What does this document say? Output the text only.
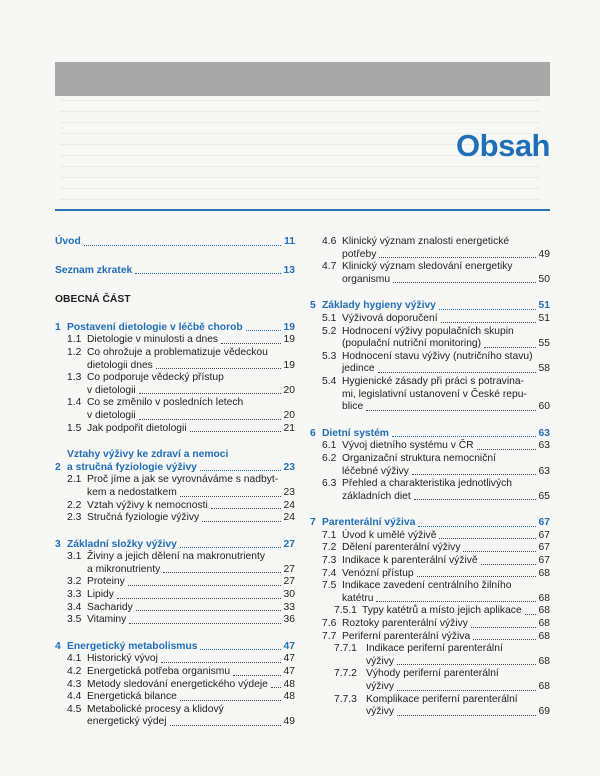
Obsah
Úvod	11
Seznam zkratek	13
OBECNÁ ČÁST
1 Postavení dietologie v léčbě chorob	19
1.1 Dietologie v minulosti a dnes	19
1.2 Co ohrožuje a problematizuje vědeckou
dietologii dnes	19
1.3 Co podporuje vědecký přístup
v dietologii	20
1.4 Co se změnilo v posledních letech
v dietologii	20
1.5 Jak podpořit dietologii	21
2
Vztahy výživy ke zdraví a nemoci
a stručná fyziologie výživy	23
2.1 Proč jíme a jak se vyrovnáváme s nadbyt-
kem a nedostatkem	23
2.2 Vztah výživy k nemocnosti	24
2.3 Stručná fyziologie výživy	24
3 Základní složky výživy	27
3.1 Živiny a jejich dělení na makronutrienty
a mikronutrienty	27
3.2 Proteiny	27
3.3 Lipidy	30
3.4 Sacharidy	33
3.5 Vitaminy	36
4 Energetický metabolismus	47
4.1 Historický vývoj	47
4.2 Energetická potřeba organismu	47
4.3 Metody sledování energetického výdeje 48
4.4 Energetická bilance	48
4.5 Metabolické procesy a klidový
energetický výdej	49
4.6 Klinický význam znalosti energetické
potřeby	49
4.7 Klinický význam sledování energetiky
organismu	50
5 Základy hygieny výživy	51
5.1 Výživová doporučení	51
5.2 Hodnocení výživy populačních skupin
(populační nutriční monitoring)	55
5.3 Hodnocení stavu výživy (nutričního stavu)
jedince	58
5.4 Hygienické zásady při práci s potravina-
mi, legislativní ustanovení v České repu-
blice	60
6 Dietní systém	63
6.1 Vývoj dietního systému v ČR	63
6.2 Organizační struktura nemocniční
léčebné výživy	63
6.3 Přehled a charakteristika jednotlivých
základních diet	65
7 Parenterální výživa	67
7.1 Úvod k umělé výživě	67
7.2 Dělení parenterální výživy	67
7.3 Indikace k parenterální výživě	67
7.4 Venózní přístup	68
7.5 Indikace zavedení centrálního žilního
katétru	68
7.5.1 Typy katétrů a místo jejich aplikace 68
7.6 Roztoky parenterální výživy	68
7.7 Periferní parenterální výživa	68
7.7.1 Indikace periferní parenterální
výživy	68
7.7.2 Výhody periferní parenterální
výživy	68
7.7.3 Komplikace periferní parenterální
výživy	69
